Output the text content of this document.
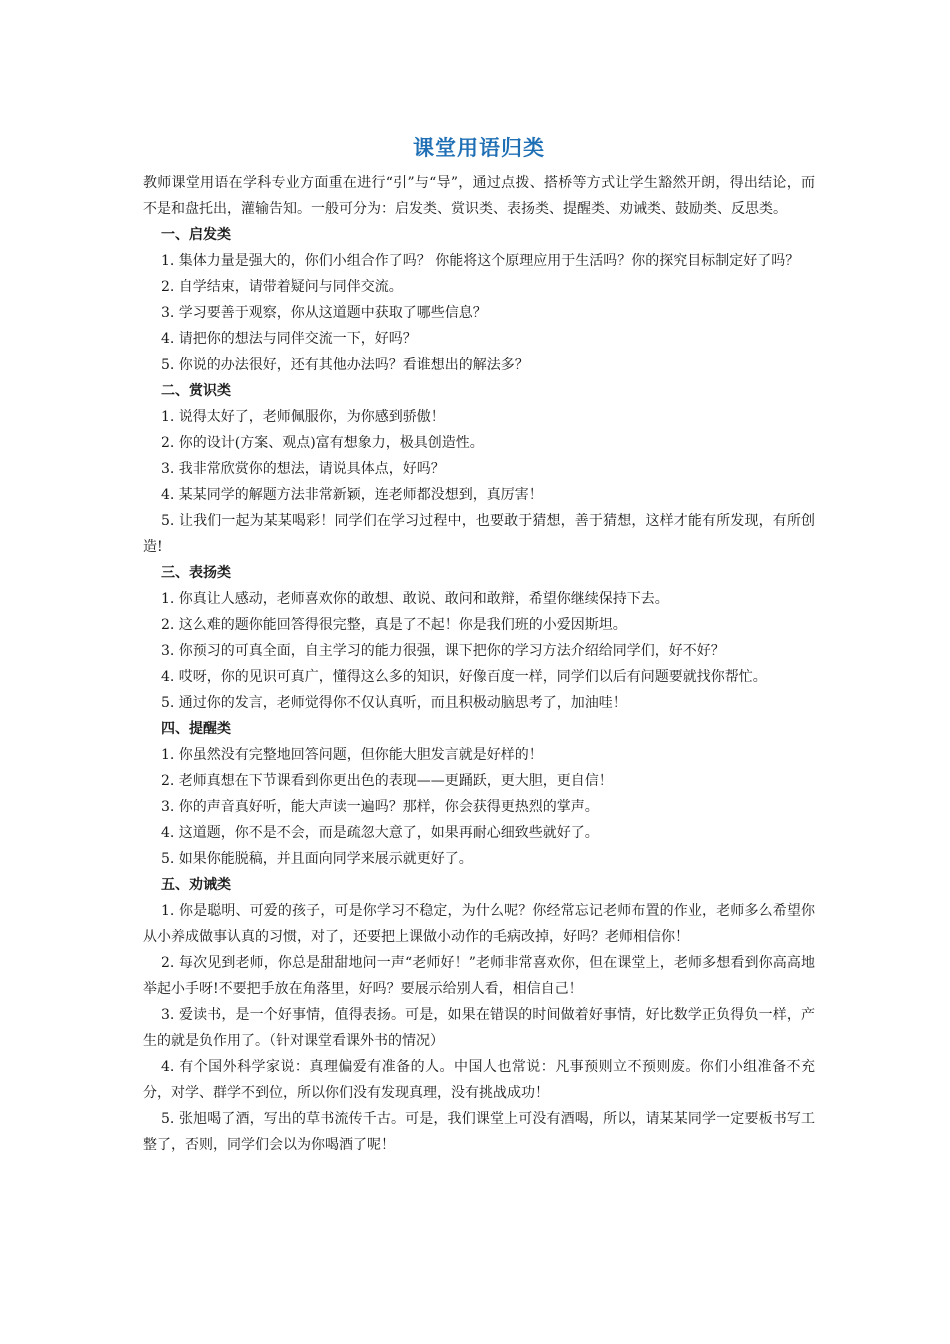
课堂用语归类

教师课堂用语在学科专业方面重在进行“引”与“导”，通过点拨、搭桥等方式让学生豁然开朗，得出结论，而不是和盘托出，灌输告知。一般可分为：启发类、赏识类、表扬类、提醒类、劝诫类、鼓励类、反思类。

一、启发类

1. 集体力量是强大的，你们小组合作了吗？ 你能将这个原理应用于生活吗？你的探究目标制定好了吗？

2. 自学结束，请带着疑问与同伴交流。

3. 学习要善于观察，你从这道题中获取了哪些信息？

4. 请把你的想法与同伴交流一下，好吗？

5. 你说的办法很好，还有其他办法吗？看谁想出的解法多？

二、赏识类

1. 说得太好了，老师佩服你，为你感到骄傲！

2. 你的设计(方案、观点)富有想象力，极具创造性。

3. 我非常欣赏你的想法，请说具体点，好吗？

4. 某某同学的解题方法非常新颖，连老师都没想到，真厉害！

5. 让我们一起为某某喝彩！同学们在学习过程中，也要敢于猜想，善于猜想，这样才能有所发现，有所创造!

三、表扬类

1. 你真让人感动，老师喜欢你的敢想、敢说、敢问和敢辩，希望你继续保持下去。

2. 这么难的题你能回答得很完整，真是了不起！你是我们班的小爱因斯坦。

3. 你预习的可真全面，自主学习的能力很强，课下把你的学习方法介绍给同学们，好不好？

4. 哎呀，你的见识可真广，懂得这么多的知识，好像百度一样，同学们以后有问题要就找你帮忙。

5. 通过你的发言，老师觉得你不仅认真听，而且积极动脑思考了，加油哇！

四、提醒类

1. 你虽然没有完整地回答问题，但你能大胆发言就是好样的！

2. 老师真想在下节课看到你更出色的表现——更踊跃，更大胆，更自信！

3. 你的声音真好听，能大声读一遍吗？那样，你会获得更热烈的掌声。

4. 这道题，你不是不会，而是疏忽大意了，如果再耐心细致些就好了。

5. 如果你能脱稿，并且面向同学来展示就更好了。

五、劝诫类

1. 你是聪明、可爱的孩子，可是你学习不稳定，为什么呢？你经常忘记老师布置的作业，老师多么希望你从小养成做事认真的习惯，对了，还要把上课做小动作的毛病改掉，好吗？老师相信你！

2. 每次见到老师，你总是甜甜地问一声“老师好！”老师非常喜欢你，但在课堂上，老师多想看到你高高地举起小手呀!不要把手放在角落里，好吗？要展示给别人看，相信自己！

3. 爱读书，是一个好事情，值得表扬。可是，如果在错误的时间做着好事情，好比数学正负得负一样，产生的就是负作用了。（针对课堂看课外书的情况）

4. 有个国外科学家说：真理偏爱有准备的人。中国人也常说：凡事预则立不预则废。你们小组准备不充分，对学、群学不到位，所以你们没有发现真理，没有挑战成功！

5. 张旭喝了酒，写出的草书流传千古。可是，我们课堂上可没有酒喝，所以，请某某同学一定要板书写工整了，否则，同学们会以为你喝酒了呢！
